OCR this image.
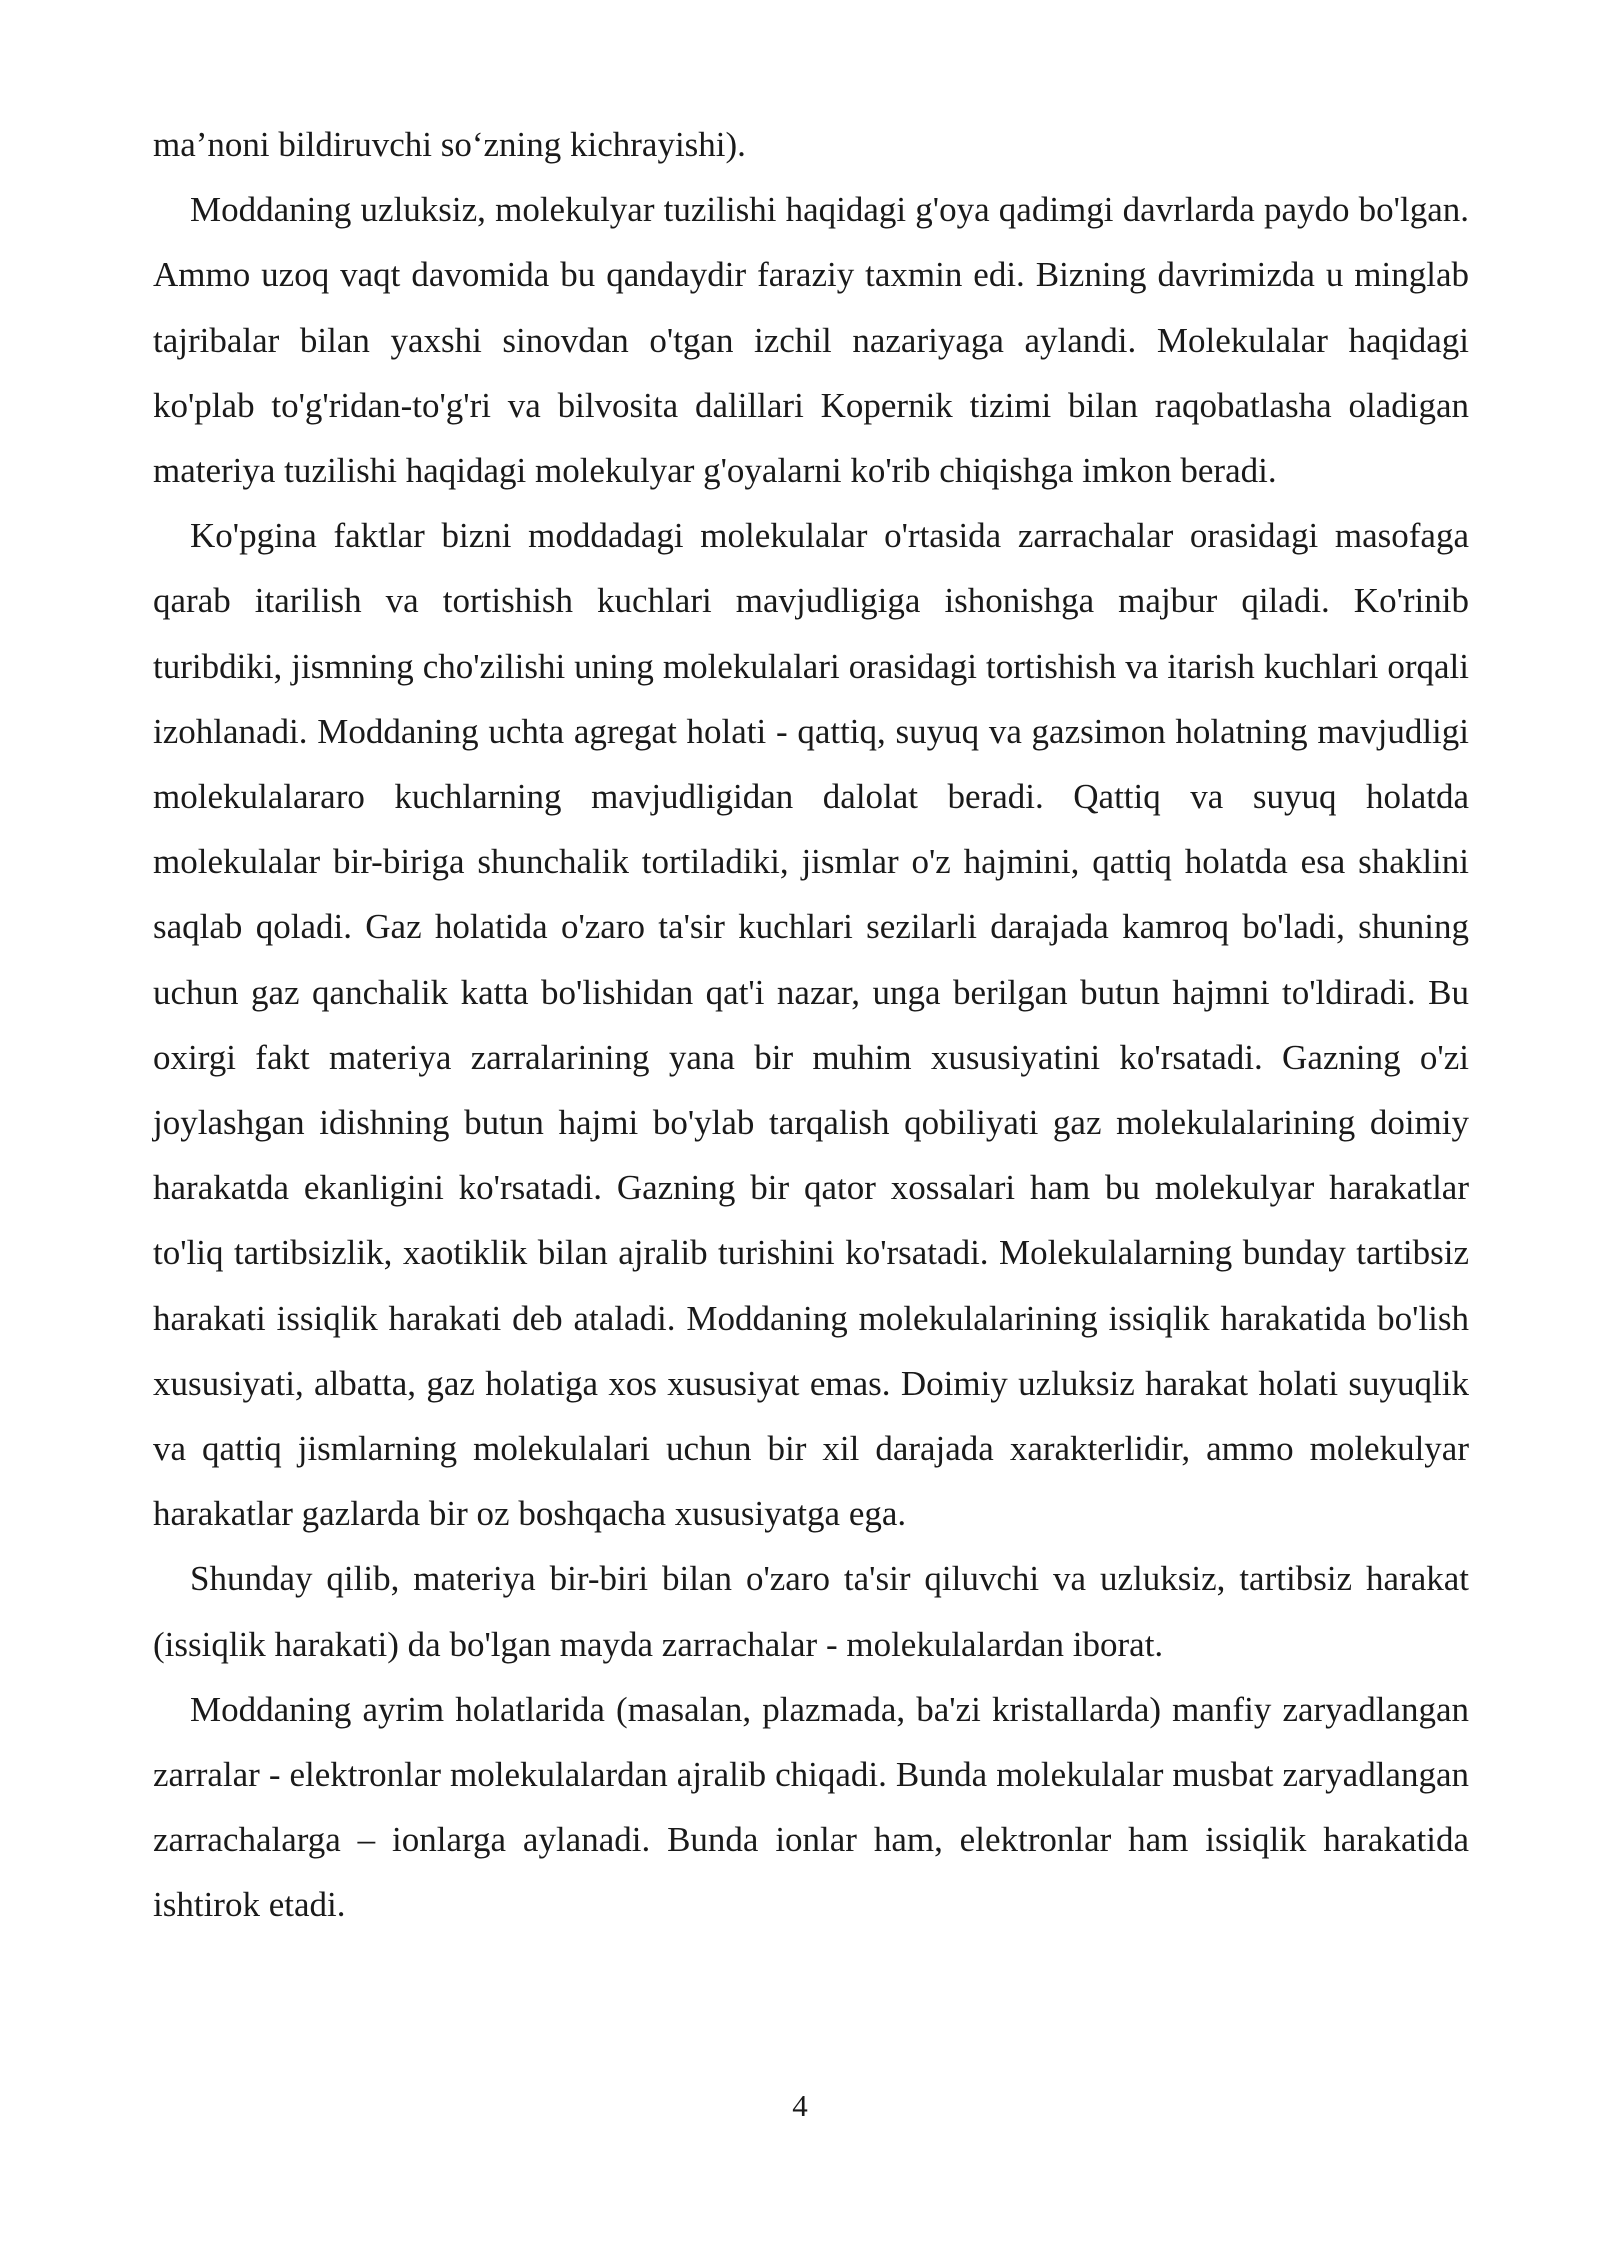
ma’noni bildiruvchi so‘zning kichrayishi).

Moddaning uzluksiz, molekulyar tuzilishi haqidagi g'oya qadimgi davrlarda paydo bo'lgan. Ammo uzoq vaqt davomida bu qandaydir faraziy taxmin edi. Bizning davrimizda u minglab tajribalar bilan yaxshi sinovdan o'tgan izchil nazariyaga aylandi. Molekulalar haqidagi ko'plab to'g'ridan-to'g'ri va bilvosita dalillari Kopernik tizimi bilan raqobatlasha oladigan materiya tuzilishi haqidagi molekulyar g'oyalarni ko'rib chiqishga imkon beradi.

Ko'pgina faktlar bizni moddadagi molekulalar o'rtasida zarrachalar orasidagi masofaga qarab itarilish va tortishish kuchlari mavjudligiga ishonishga majbur qiladi. Ko'rinib turibdiki, jismning cho'zilishi uning molekulalari orasidagi tortishish va itarish kuchlari orqali izohlanadi. Moddaning uchta agregat holati - qattiq, suyuq va gazsimon holatning mavjudligi molekulalararo kuchlarning mavjudligidan dalolat beradi. Qattiq va suyuq holatda molekulalar bir-biriga shunchalik tortiladiki, jismlar o'z hajmini, qattiq holatda esa shaklini saqlab qoladi. Gaz holatida o'zaro ta'sir kuchlari sezilarli darajada kamroq bo'ladi, shuning uchun gaz qanchalik katta bo'lishidan qat'i nazar, unga berilgan butun hajmni to'ldiradi. Bu oxirgi fakt materiya zarralarining yana bir muhim xususiyatini ko'rsatadi. Gazning o'zi joylashgan idishning butun hajmi bo'ylab tarqalish qobiliyati gaz molekulalarining doimiy harakatda ekanligini ko'rsatadi. Gazning bir qator xossalari ham bu molekulyar harakatlar to'liq tartibsizlik, xaotiklik bilan ajralib turishini ko'rsatadi. Molekulalarning bunday tartibsiz harakati issiqlik harakati deb ataladi. Moddaning molekulalarining issiqlik harakatida bo'lish xususiyati, albatta, gaz holatiga xos xususiyat emas. Doimiy uzluksiz harakat holati suyuqlik va qattiq jismlarning molekulalari uchun bir xil darajada xarakterlidir, ammo molekulyar harakatlar gazlarda bir oz boshqacha xususiyatga ega.

Shunday qilib, materiya bir-biri bilan o'zaro ta'sir qiluvchi va uzluksiz, tartibsiz harakat (issiqlik harakati) da bo'lgan mayda zarrachalar - molekulalardan iborat.

Moddaning ayrim holatlarida (masalan, plazmada, ba'zi kristallarda) manfiy zaryadlangan zarralar - elektronlar molekulalardan ajralib chiqadi. Bunda molekulalar musbat zaryadlangan zarrachalarga – ionlarga aylanadi. Bunda ionlar ham, elektronlar ham issiqlik harakatida ishtirok etadi.

4
